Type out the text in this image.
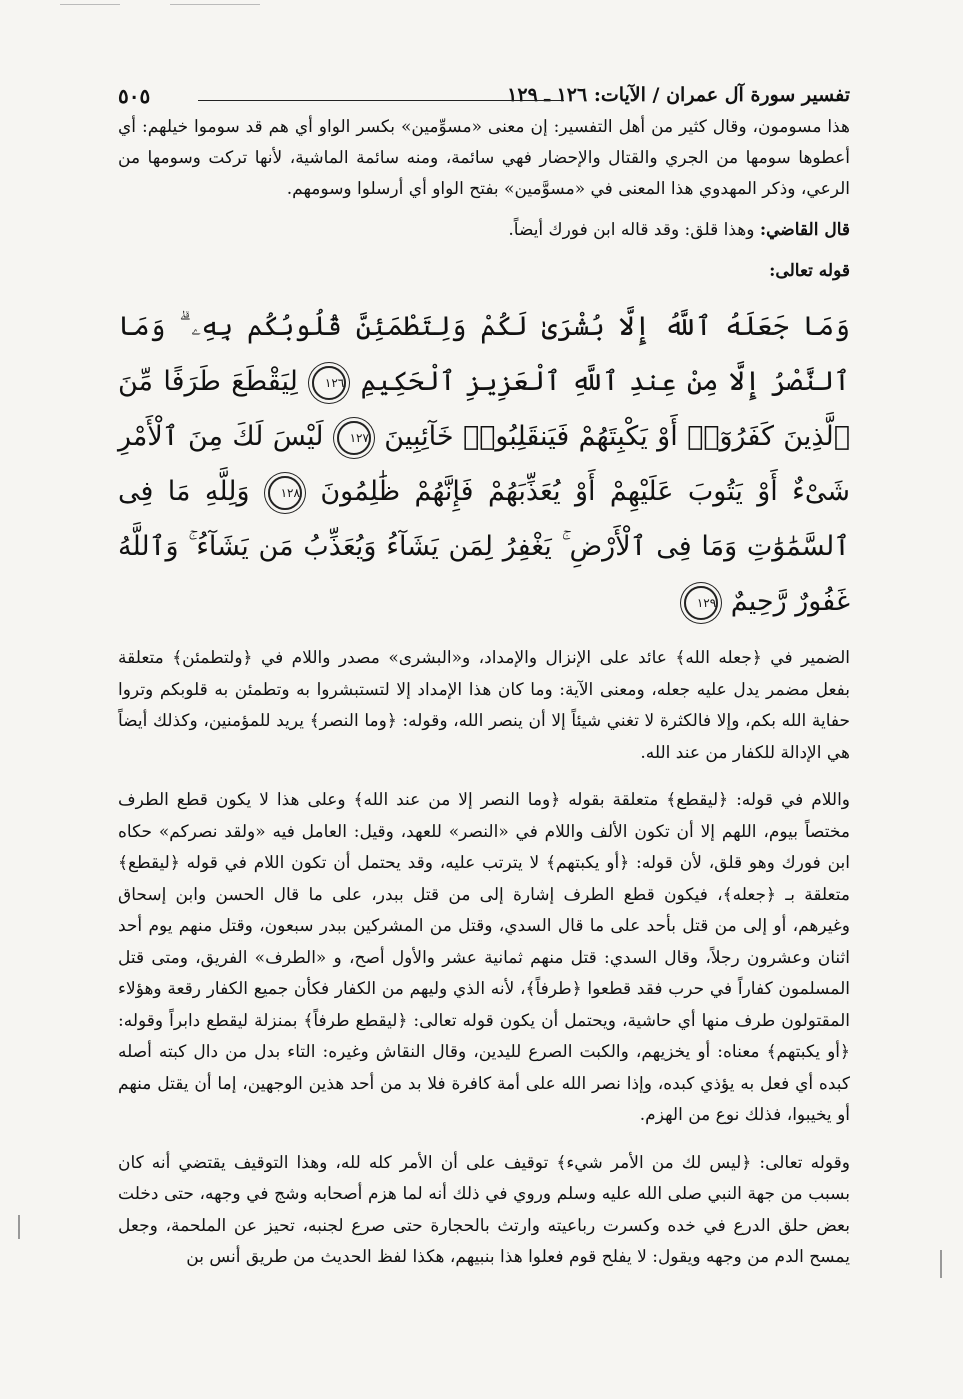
تفسير سورة آل عمران / الآيات: ١٢٦ ـ ١٢٩
٥٠٥

هذا مسومون، وقال كثير من أهل التفسير: إن معنى «مسوِّمين» بكسر الواو أي هم قد سوموا خيلهم: أي أعطوها سومها من الجري والقتال والإحضار فهي سائمة، ومنه سائمة الماشية، لأنها تركت وسومها من الرعي، وذكر المهدوي هذا المعنى في «مسوَّمين» بفتح الواو أي أرسلوا وسومهم.

قال القاضي: وهذا قلق: وقد قاله ابن فورك أيضاً.

قوله تعالى:

وَمَا جَعَلَهُ ٱللَّهُ إِلَّا بُشْرَىٰ لَكُمْ وَلِتَطْمَئِنَّ قُلُوبُكُم بِهِۦ ۗ وَمَا ٱلنَّصْرُ إِلَّا مِنْ عِندِ ٱللَّهِ ٱلْعَزِيزِ ٱلْحَكِيمِ ١٢٦ لِيَقْطَعَ طَرَفًا مِّنَ ٱلَّذِينَ كَفَرُوٓا۟ أَوْ يَكْبِتَهُمْ فَيَنقَلِبُوا۟ خَآئِبِينَ ١٢٧ لَيْسَ لَكَ مِنَ ٱلْأَمْرِ شَىْءٌ أَوْ يَتُوبَ عَلَيْهِمْ أَوْ يُعَذِّبَهُمْ فَإِنَّهُمْ ظَٰلِمُونَ ١٢٨ وَلِلَّهِ مَا فِى ٱلسَّمَٰوَٰتِ وَمَا فِى ٱلْأَرْضِ ۚ يَغْفِرُ لِمَن يَشَآءُ وَيُعَذِّبُ مَن يَشَآءُ ۚ وَٱللَّهُ غَفُورٌ رَّحِيمٌ ١٢٩

الضمير في ﴿جعله الله﴾ عائد على الإنزال والإمداد، و«البشرى» مصدر واللام في ﴿ولتطمئن﴾ متعلقة بفعل مضمر يدل عليه جعله، ومعنى الآية: وما كان هذا الإمداد إلا لتستبشروا به وتطمئن به قلوبكم وتروا حفاية الله بكم، وإلا فالكثرة لا تغني شيئاً إلا أن ينصر الله، وقوله: ﴿وما النصر﴾ يريد للمؤمنين، وكذلك أيضاً هي الإدالة للكفار من عند الله.

واللام في قوله: ﴿ليقطع﴾ متعلقة بقوله ﴿وما النصر إلا من عند الله﴾ وعلى هذا لا يكون قطع الطرف مختصاً بيوم، اللهم إلا أن تكون الألف واللام في «النصر» للعهد، وقيل: العامل فيه «ولقد نصركم» حكاه ابن فورك وهو قلق، لأن قوله: ﴿أو يكبتهم﴾ لا يترتب عليه، وقد يحتمل أن تكون اللام في قوله ﴿ليقطع﴾ متعلقة بـ ﴿جعله﴾، فيكون قطع الطرف إشارة إلى من قتل ببدر، على ما قال الحسن وابن إسحاق وغيرهم، أو إلى من قتل بأحد على ما قال السدي، وقتل من المشركين ببدر سبعون، وقتل منهم يوم أحد اثنان وعشرون رجلاً، وقال السدي: قتل منهم ثمانية عشر والأول أصح، و «الطرف» الفريق، ومتى قتل المسلمون كفاراً في حرب فقد قطعوا ﴿طرفاً﴾، لأنه الذي وليهم من الكفار فكأن جميع الكفار رقعة وهؤلاء المقتولون طرف منها أي حاشية، ويحتمل أن يكون قوله تعالى: ﴿ليقطع طرفاً﴾ بمنزلة ليقطع دابراً وقوله: ﴿أو يكبتهم﴾ معناه: أو يخزيهم، والكبت الصرع لليدين، وقال النقاش وغيره: التاء بدل من دال كبته أصله كبده أي فعل به يؤذي كبده، وإذا نصر الله على أمة كافرة فلا بد من أحد هذين الوجهين، إما أن يقتل منهم أو يخيبوا، فذلك نوع من الهزم.

وقوله تعالى: ﴿ليس لك من الأمر شيء﴾ توقيف على أن الأمر كله لله، وهذا التوقيف يقتضي أنه كان بسبب من جهة النبي صلى الله عليه وسلم وروي في ذلك أنه لما هزم أصحابه وشج في وجهه، حتى دخلت بعض حلق الدرع في خده وكسرت رباعيته وارتث بالحجارة حتى صرع لجنبه، تحيز عن الملحمة، وجعل يمسح الدم من وجهه ويقول: لا يفلح قوم فعلوا هذا بنبيهم، هكذا لفظ الحديث من طريق أنس بن
